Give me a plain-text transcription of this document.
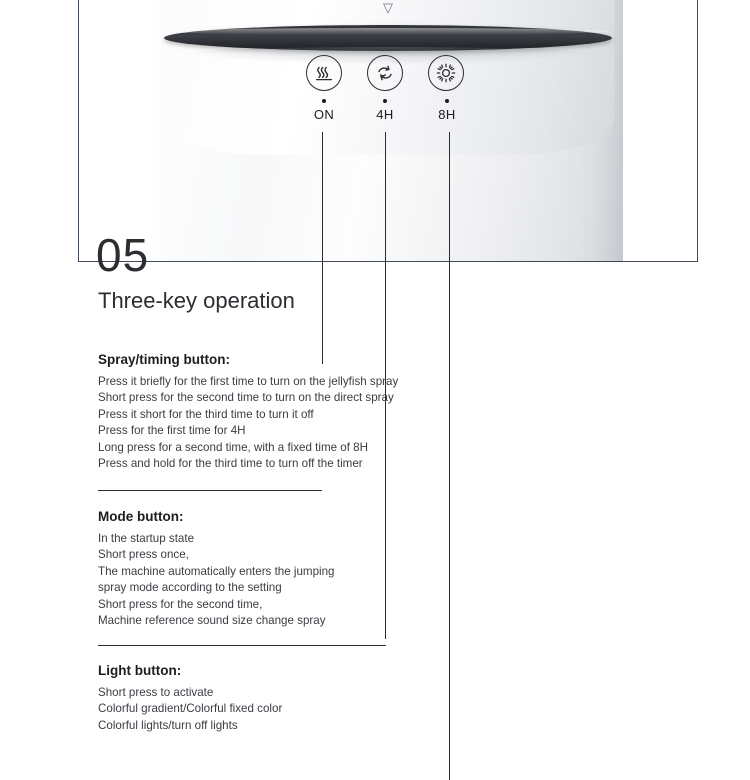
▽
ON	4H	8H
05
Three-key operation
Spray/timing button:
Press it briefly for the first time to turn on the jellyfish spray
Short press for the second time to turn on the direct spray
Press it short for the third time to turn it off
Press for the first time for 4H
Long press for a second time, with a fixed time of 8H
Press and hold for the third time to turn off the timer
Mode button:
In the startup state
Short press once,
The machine automatically enters the jumping
spray mode according to the setting
Short press for the second time,
Machine reference sound size change spray
Light button:
Short press to activate
Colorful gradient/Colorful fixed color
Colorful lights/turn off lights
